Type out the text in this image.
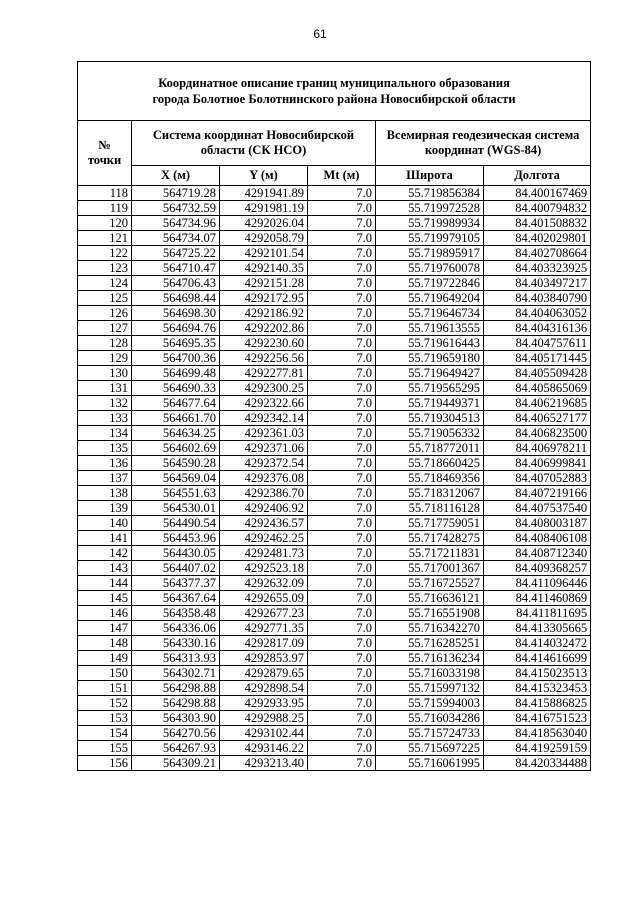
61
Координатное описание границ муниципального образования
города Болотное Болотнинского района Новосибирской области					

№
точки	Система координат Новосибирской области (СК НСО)			Всемирная геодезическая система координат (WGS-84)	
	X (м)	Y (м)	Mt (м)	Широта	Долгота
118	564719.28	4291941.89	7.0	55.719856384	84.400167469
119	564732.59	4291981.19	7.0	55.719972528	84.400794832
120	564734.96	4292026.04	7.0	55.719989934	84.401508832
121	564734.07	4292058.79	7.0	55.719979105	84.402029801
122	564725.22	4292101.54	7.0	55.719895917	84.402708664
123	564710.47	4292140.35	7.0	55.719760078	84.403323925
124	564706.43	4292151.28	7.0	55.719722846	84.403497217
125	564698.44	4292172.95	7.0	55.719649204	84.403840790
126	564698.30	4292186.92	7.0	55.719646734	84.404063052
127	564694.76	4292202.86	7.0	55.719613555	84.404316136
128	564695.35	4292230.60	7.0	55.719616443	84.404757611
129	564700.36	4292256.56	7.0	55.719659180	84.405171445
130	564699.48	4292277.81	7.0	55.719649427	84.405509428
131	564690.33	4292300.25	7.0	55.719565295	84.405865069
132	564677.64	4292322.66	7.0	55.719449371	84.406219685
133	564661.70	4292342.14	7.0	55.719304513	84.406527177
134	564634.25	4292361.03	7.0	55.719056332	84.406823500
135	564602.69	4292371.06	7.0	55.718772011	84.406978211
136	564590.28	4292372.54	7.0	55.718660425	84.406999841
137	564569.04	4292376.08	7.0	55.718469356	84.407052883
138	564551.63	4292386.70	7.0	55.718312067	84.407219166
139	564530.01	4292406.92	7.0	55.718116128	84.407537540
140	564490.54	4292436.57	7.0	55.717759051	84.408003187
141	564453.96	4292462.25	7.0	55.717428275	84.408406108
142	564430.05	4292481.73	7.0	55.717211831	84.408712340
143	564407.02	4292523.18	7.0	55.717001367	84.409368257
144	564377.37	4292632.09	7.0	55.716725527	84.411096446
145	564367.64	4292655.09	7.0	55.716636121	84.411460869
146	564358.48	4292677.23	7.0	55.716551908	84.411811695
147	564336.06	4292771.35	7.0	55.716342270	84.413305665
148	564330.16	4292817.09	7.0	55.716285251	84.414032472
149	564313.93	4292853.97	7.0	55.716136234	84.414616699
150	564302.71	4292879.65	7.0	55.716033198	84.415023513
151	564298.88	4292898.54	7.0	55.715997132	84.415323453
152	564298.88	4292933.95	7.0	55.715994003	84.415886825
153	564303.90	4292988.25	7.0	55.716034286	84.416751523
154	564270.56	4293102.44	7.0	55.715724733	84.418563040
155	564267.93	4293146.22	7.0	55.715697225	84.419259159
156	564309.21	4293213.40	7.0	55.716061995	84.420334488
